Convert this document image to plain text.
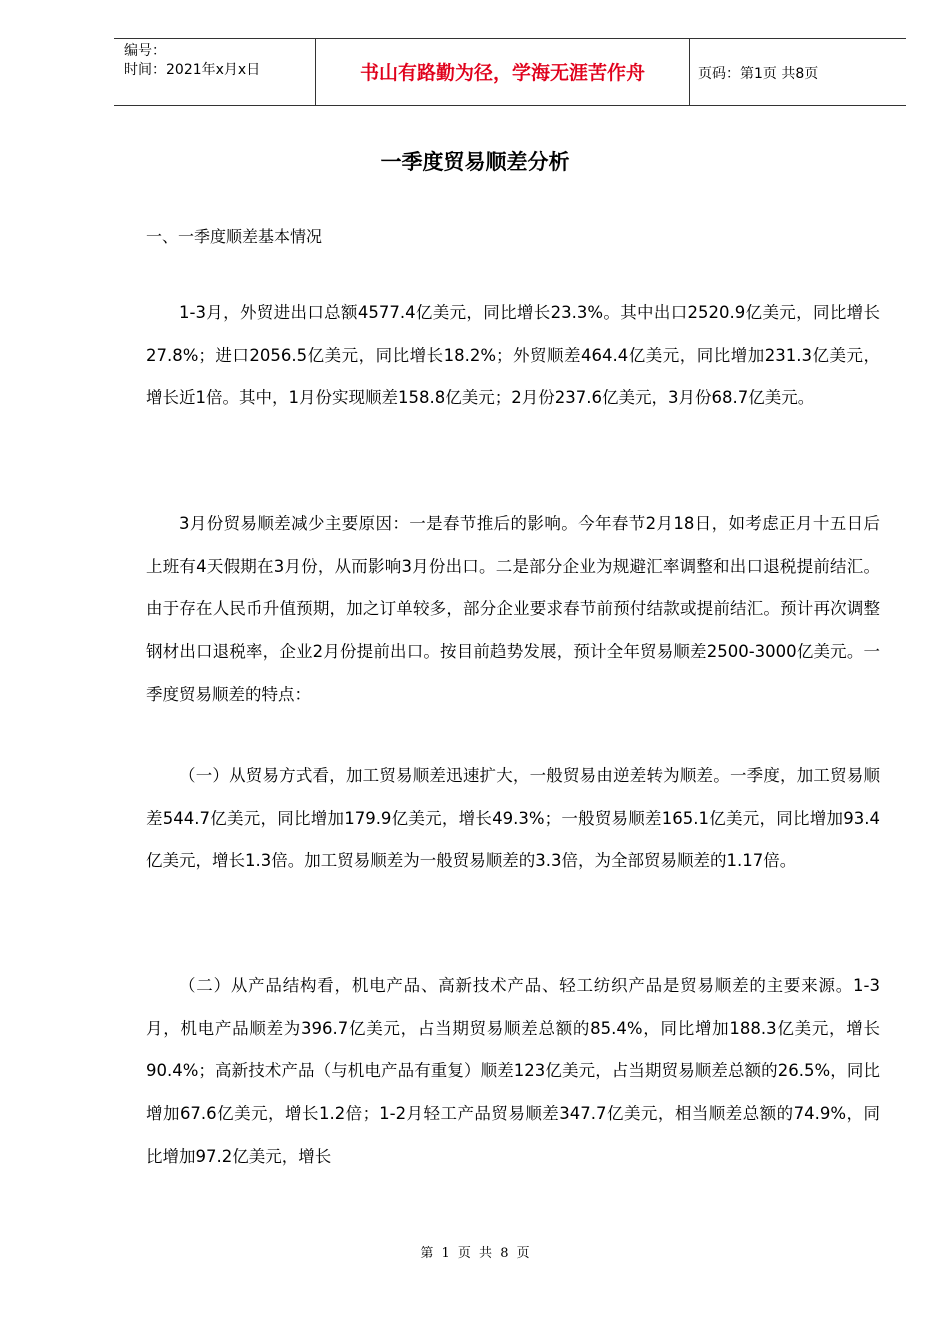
编号：
时间：2021年x月x日	书山有路勤为径，学海无涯苦作舟	页码：第1页 共8页
一季度贸易顺差分析
一、一季度顺差基本情况

1-3月，外贸进出口总额4577.4亿美元，同比增长23.3%。其中出口2520.9亿美元，同比增长27.8%；进口2056.5亿美元，同比增长18.2%；外贸顺差464.4亿美元，同比增加231.3亿美元，增长近1倍。其中，1月份实现顺差158.8亿美元；2月份237.6亿美元，3月份68.7亿美元。

3月份贸易顺差减少主要原因：一是春节推后的影响。今年春节2月18日，如考虑正月十五日后上班有4天假期在3月份，从而影响3月份出口。二是部分企业为规避汇率调整和出口退税提前结汇。由于存在人民币升值预期，加之订单较多，部分企业要求春节前预付结款或提前结汇。预计再次调整钢材出口退税率，企业2月份提前出口。按目前趋势发展，预计全年贸易顺差2500-3000亿美元。一季度贸易顺差的特点：

（一）从贸易方式看，加工贸易顺差迅速扩大，一般贸易由逆差转为顺差。一季度，加工贸易顺差544.7亿美元，同比增加179.9亿美元，增长49.3%；一般贸易顺差165.1亿美元，同比增加93.4亿美元，增长1.3倍。加工贸易顺差为一般贸易顺差的3.3倍，为全部贸易顺差的1.17倍。

（二）从产品结构看，机电产品、高新技术产品、轻工纺织产品是贸易顺差的主要来源。1-3月，机电产品顺差为396.7亿美元，占当期贸易顺差总额的85.4%，同比增加188.3亿美元，增长90.4%；高新技术产品（与机电产品有重复）顺差123亿美元，占当期贸易顺差总额的26.5%，同比增加67.6亿美元，增长1.2倍；1-2月轻工产品贸易顺差347.7亿美元，相当顺差总额的74.9%，同比增加97.2亿美元，增长

第 1 页 共 8 页
